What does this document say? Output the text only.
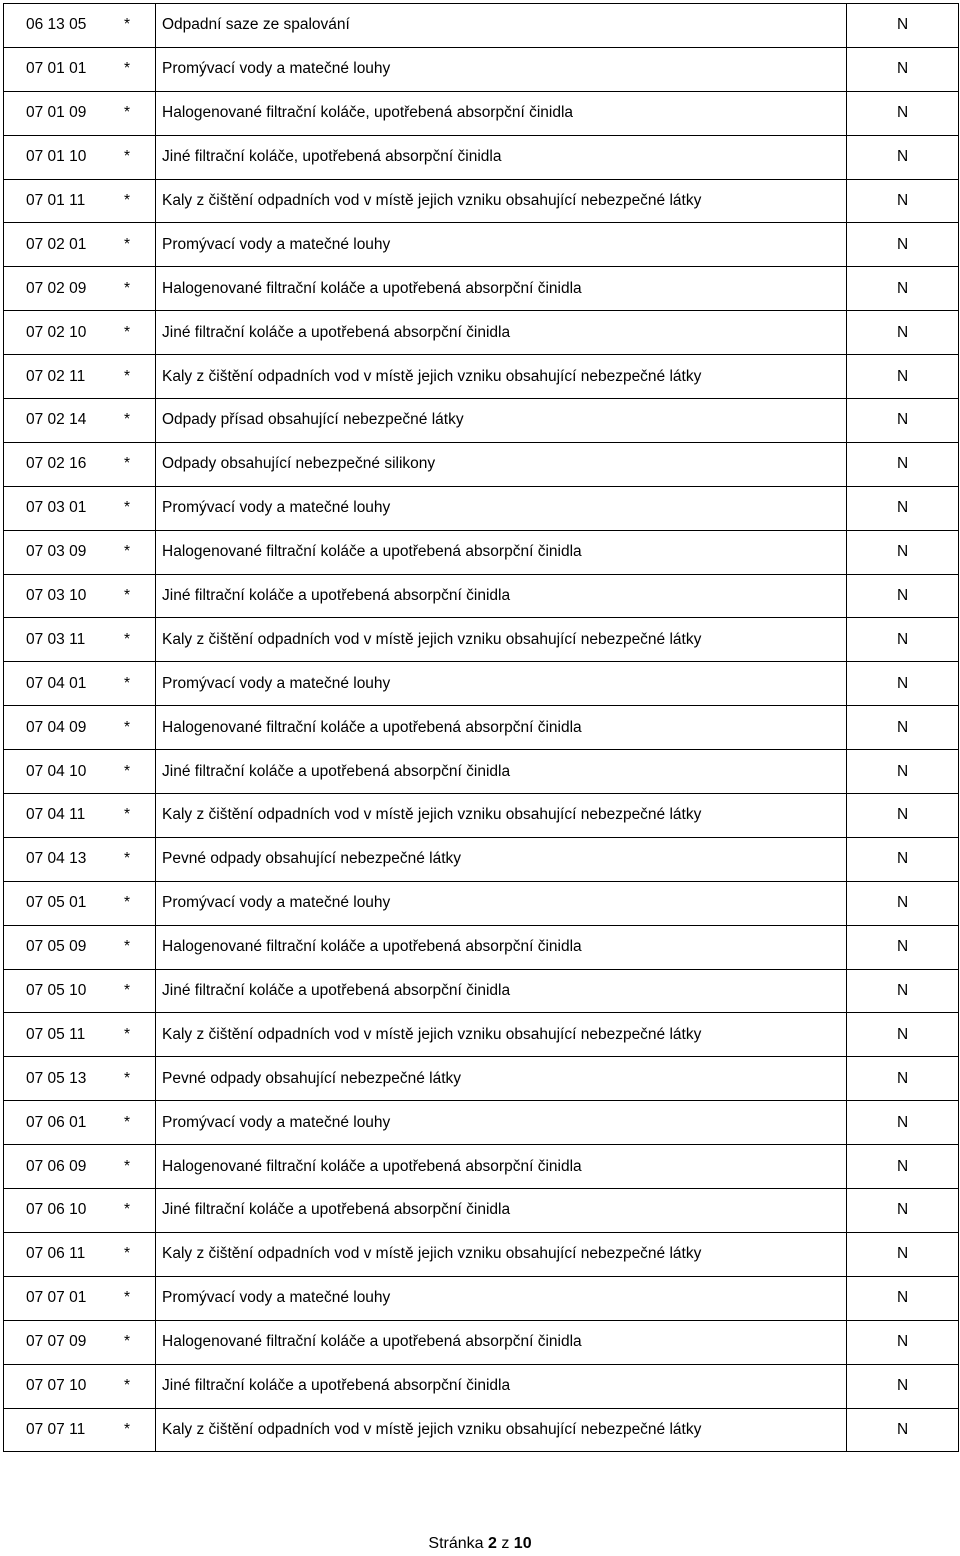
06 13 05 *	Odpadní saze ze spalování	N
07 01 01 *	Promývací vody a matečné louhy	N
07 01 09 *	Halogenované filtrační koláče, upotřebená absorpční činidla	N
07 01 10 *	Jiné filtrační koláče, upotřebená absorpční činidla	N
07 01 11 *	Kaly z čištění odpadních vod v místě jejich vzniku obsahující nebezpečné látky	N
07 02 01 *	Promývací vody a matečné louhy	N
07 02 09 *	Halogenované filtrační koláče a upotřebená absorpční činidla	N
07 02 10 *	Jiné filtrační koláče a upotřebená absorpční činidla	N
07 02 11 *	Kaly z čištění odpadních vod v místě jejich vzniku obsahující nebezpečné látky	N
07 02 14 *	Odpady přísad obsahující nebezpečné látky	N
07 02 16 *	Odpady obsahující nebezpečné silikony	N
07 03 01 *	Promývací vody a matečné louhy	N
07 03 09 *	Halogenované filtrační koláče a upotřebená absorpční činidla	N
07 03 10 *	Jiné filtrační koláče a upotřebená absorpční činidla	N
07 03 11 *	Kaly z čištění odpadních vod v místě jejich vzniku obsahující nebezpečné látky	N
07 04 01 *	Promývací vody a matečné louhy	N
07 04 09 *	Halogenované filtrační koláče a upotřebená absorpční činidla	N
07 04 10 *	Jiné filtrační koláče a upotřebená absorpční činidla	N
07 04 11 *	Kaly z čištění odpadních vod v místě jejich vzniku obsahující nebezpečné látky	N
07 04 13 *	Pevné odpady obsahující nebezpečné látky	N
07 05 01 *	Promývací vody a matečné louhy	N
07 05 09 *	Halogenované filtrační koláče a upotřebená absorpční činidla	N
07 05 10 *	Jiné filtrační koláče a upotřebená absorpční činidla	N
07 05 11 *	Kaly z čištění odpadních vod v místě jejich vzniku obsahující nebezpečné látky	N
07 05 13 *	Pevné odpady obsahující nebezpečné látky	N
07 06 01 *	Promývací vody a matečné louhy	N
07 06 09 *	Halogenované filtrační koláče a upotřebená absorpční činidla	N
07 06 10 *	Jiné filtrační koláče a upotřebená absorpční činidla	N
07 06 11 *	Kaly z čištění odpadních vod v místě jejich vzniku obsahující nebezpečné látky	N
07 07 01 *	Promývací vody a matečné louhy	N
07 07 09 *	Halogenované filtrační koláče a upotřebená absorpční činidla	N
07 07 10 *	Jiné filtrační koláče a upotřebená absorpční činidla	N
07 07 11 *	Kaly z čištění odpadních vod v místě jejich vzniku obsahující nebezpečné látky	N
Stránka 2 z 10
